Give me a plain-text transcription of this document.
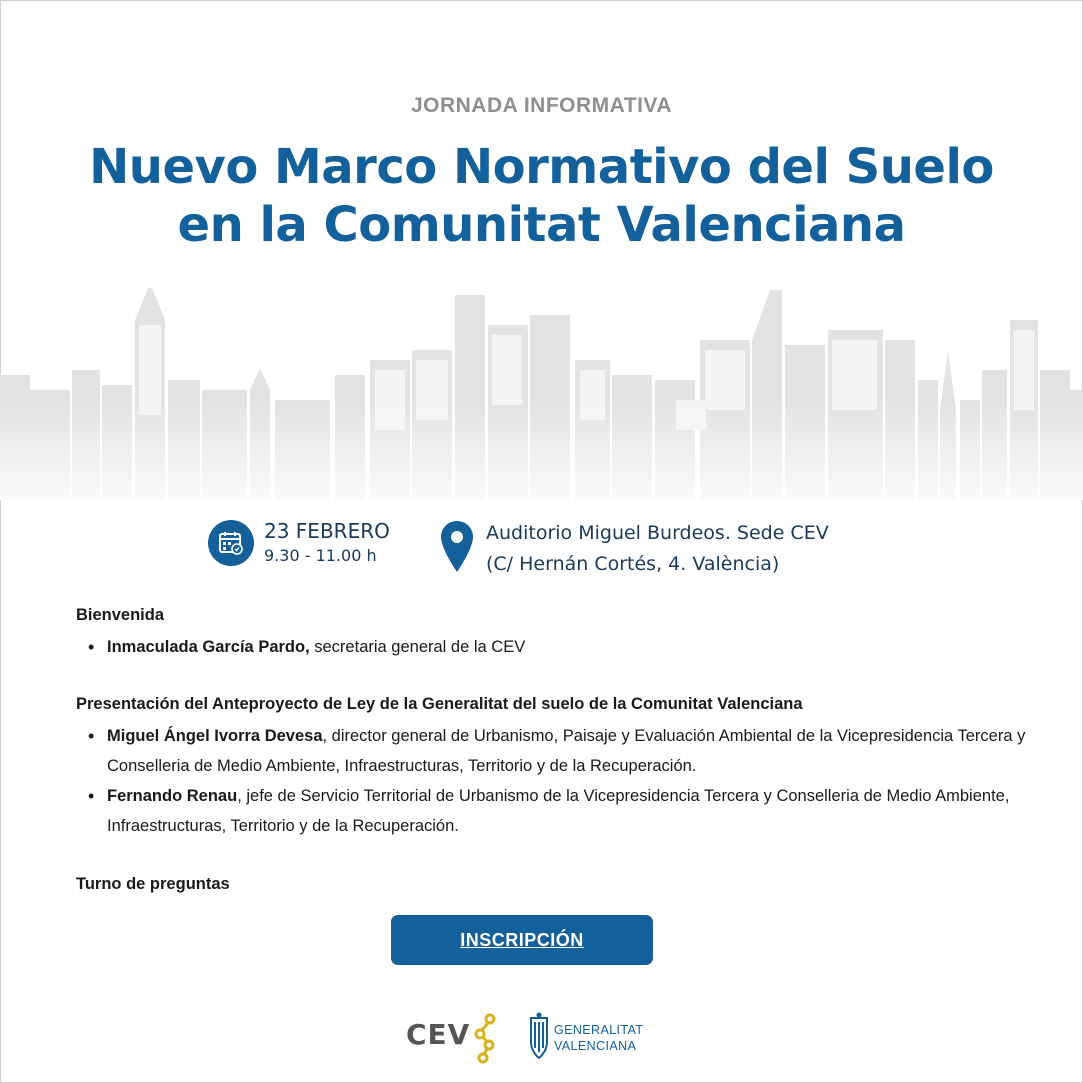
JORNADA INFORMATIVA
Nuevo Marco Normativo del Suelo
en la Comunitat Valenciana
23 FEBRERO
9.30 - 11.00 h
Auditorio Miguel Burdeos. Sede CEV
(C/ Hernán Cortés, 4. València)
Bienvenida
• Inmaculada García Pardo, secretaria general de la CEV
Presentación del Anteproyecto de Ley de la Generalitat del suelo de la Comunitat Valenciana
• Miguel Ángel Ivorra Devesa, director general de Urbanismo, Paisaje y Evaluación Ambiental de la Vicepresidencia Tercera y Conselleria de Medio Ambiente, Infraestructuras, Territorio y de la Recuperación.
• Fernando Renau, jefe de Servicio Territorial de Urbanismo de la Vicepresidencia Tercera y Conselleria de Medio Ambiente, Infraestructuras, Territorio y de la Recuperación.
Turno de preguntas
INSCRIPCIÓN
CEV	GENERALITAT
VALENCIANA
